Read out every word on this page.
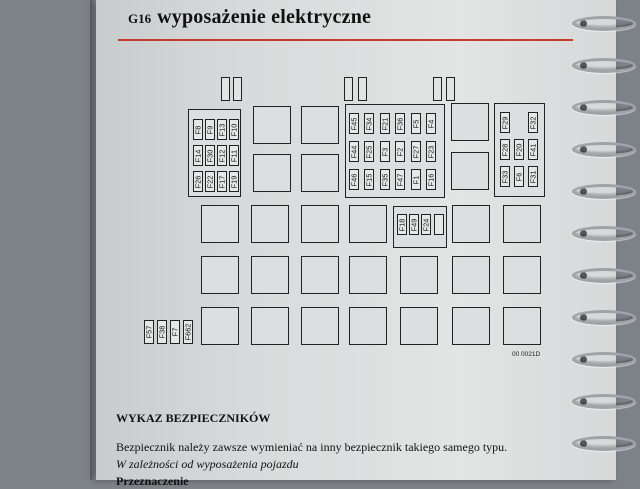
G16 wyposażenie elektryczne
F8 F9 F13 F10
F14 F30 F12 F11
F26 F22 F17 F19
F45 F34 F21 F36 F5 F4
F44 F25 F3 F2 F27 F23
F46 F15 F35 F47 F1 F16
F29	F32
F28 F20 F41
F33 F6 F31
F18 F49 F24
F57 F38 F7 F662
00 0021D
WYKAZ BEZPIECZNIKÓW
Bezpiecznik należy zawsze wymieniać na inny bezpiecznik takiego samego typu.
W zależności od wyposażenia pojazdu
Przeznaczenie
